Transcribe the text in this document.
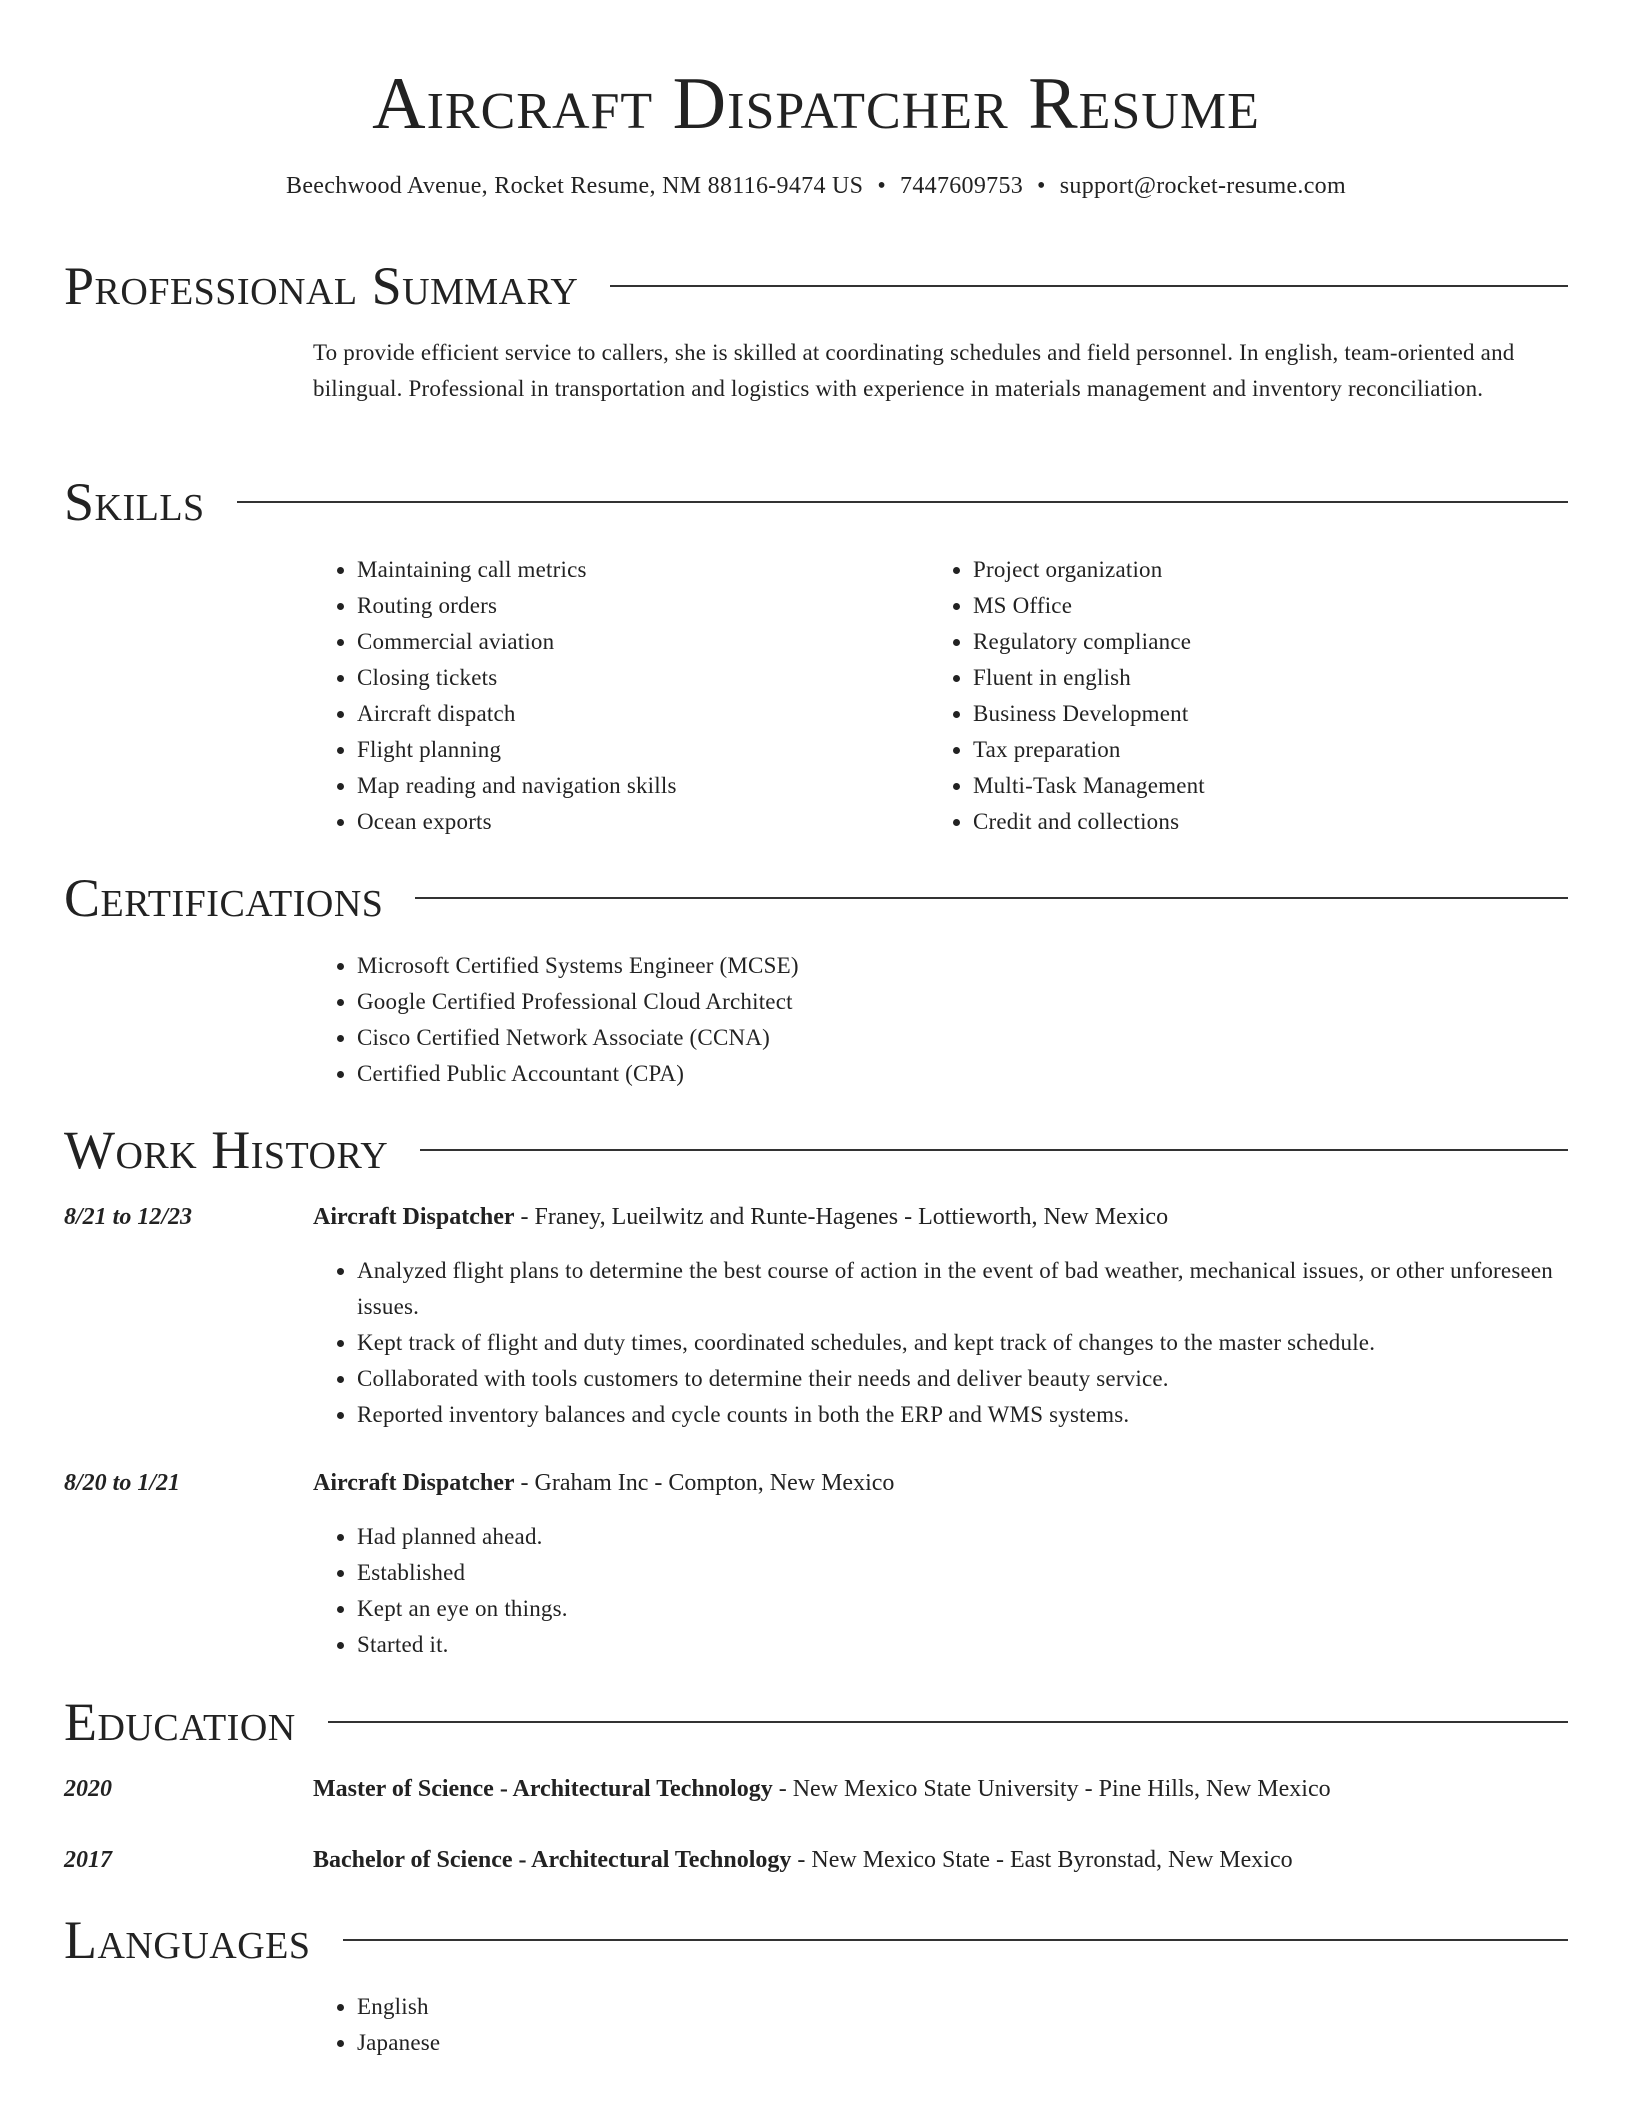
Aircraft Dispatcher Resume
Beechwood Avenue, Rocket Resume, NM 88116-9474 US • 7447609753 • support@rocket-resume.com
Professional Summary
To provide efficient service to callers, she is skilled at coordinating schedules and field personnel. In english, team-oriented and bilingual. Professional in transportation and logistics with experience in materials management and inventory reconciliation.
Skills
• Maintaining call metrics
• Routing orders
• Commercial aviation
• Closing tickets
• Aircraft dispatch
• Flight planning
• Map reading and navigation skills
• Ocean exports
• Project organization
• MS Office
• Regulatory compliance
• Fluent in english
• Business Development
• Tax preparation
• Multi-Task Management
• Credit and collections
Certifications
• Microsoft Certified Systems Engineer (MCSE)
• Google Certified Professional Cloud Architect
• Cisco Certified Network Associate (CCNA)
• Certified Public Accountant (CPA)
Work History
8/21 to 12/23	Aircraft Dispatcher - Franey, Lueilwitz and Runte-Hagenes - Lottieworth, New Mexico
• Analyzed flight plans to determine the best course of action in the event of bad weather, mechanical issues, or other unforeseen issues.
• Kept track of flight and duty times, coordinated schedules, and kept track of changes to the master schedule.
• Collaborated with tools customers to determine their needs and deliver beauty service.
• Reported inventory balances and cycle counts in both the ERP and WMS systems.
8/20 to 1/21	Aircraft Dispatcher - Graham Inc - Compton, New Mexico
• Had planned ahead.
• Established
• Kept an eye on things.
• Started it.
Education
2020	Master of Science - Architectural Technology - New Mexico State University - Pine Hills, New Mexico
2017	Bachelor of Science - Architectural Technology - New Mexico State - East Byronstad, New Mexico
Languages
• English
• Japanese
